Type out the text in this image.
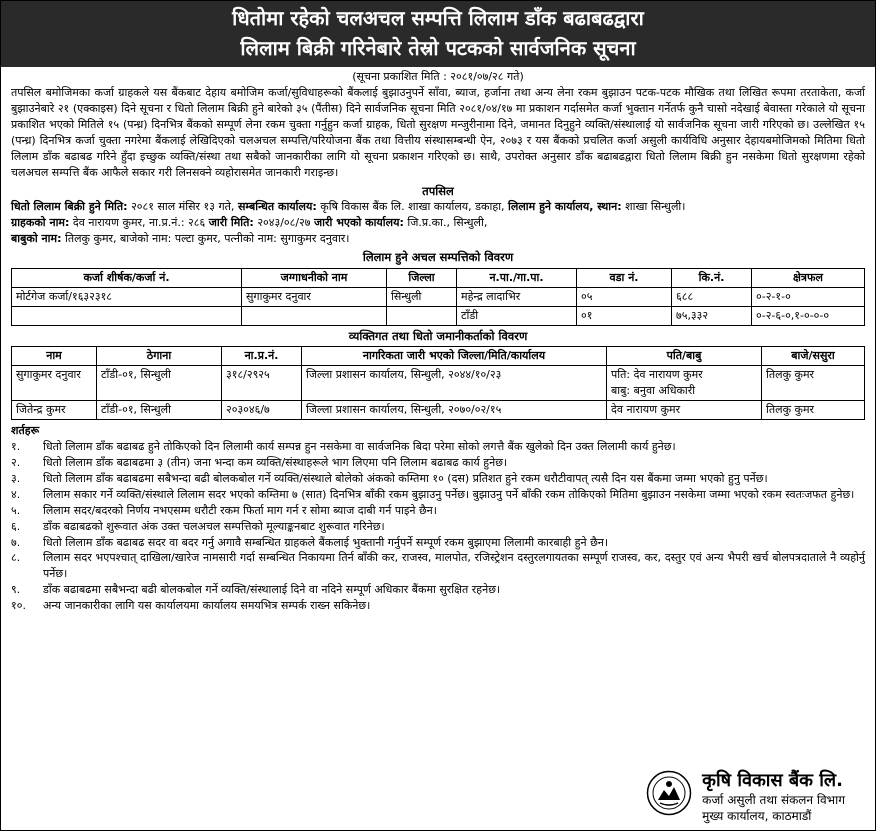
धितोमा रहेको चलअचल सम्पत्ति लिलाम डाँक बढाबढद्वारा
लिलाम बिक्री गरिनेबारे तेस्रो पटकको सार्वजनिक सूचना
(सूचना प्रकाशित मिति : २०८१/०७/२८ गते)

तपसिल बमोजिमका कर्जा ग्राहकले यस बैंकबाट देहाय बमोजिम कर्जा/सुविधाहरूको बैंकलाई बुझाउनुपर्ने साँवा, ब्याज, हर्जाना तथा अन्य लेना रकम बुझाउन पटक-पटक मौखिक तथा लिखित रूपमा तरताकेता, कर्जा बुझाउनेबारे २१ (एक्काइस) दिने सूचना र धितो लिलाम बिक्री हुने बारेको ३५ (पैंतीस) दिने सार्वजनिक सूचना मिति २०८१/०४/१७ मा प्रकाशन गर्दासमेत कर्जा भुक्तान गर्नेतर्फ कुनै चासो नदेखाई बेवास्ता गरेकाले यो सूचना प्रकाशित भएको मितिले १५ (पन्ध्र) दिनभित्र बैंकको सम्पूर्ण लेना रकम चुक्ता गर्नुहुन कर्जा ग्राहक, धितो सुरक्षण मन्जुरीनामा दिने, जमानत दिनुहुने व्यक्ति/संस्थालाई यो सार्वजनिक सूचना जारी गरिएको छ। उल्लेखित १५ (पन्ध्र) दिनभित्र कर्जा चुक्ता नगरेमा बैंकलाई लेखिदिएको चलअचल सम्पत्ति/परियोजना बैंक तथा वित्तीय संस्थासम्बन्धी ऐन, २०७३ र यस बैंकको प्रचलित कर्जा असुली कार्यविधि अनुसार देहायबमोजिमको मितिमा धितो लिलाम डाँक बढाबढ गरिने हुँदा इच्छुक व्यक्ति/संस्था तथा सबैको जानकारीका लागि यो सूचना प्रकाशन गरिएको छ। साथै, उपरोक्त अनुसार डाँक बढाबढद्वारा धितो लिलाम बिक्री हुन नसकेमा धितो सुरक्षणमा रहेको चलअचल सम्पत्ति बैंक आफैले सकार गरी लिनसक्ने व्यहोरासमेत जानकारी गराइन्छ।

तपसिल
धितो लिलाम बिक्री हुने मिति: २०८१ साल मंसिर १३ गते, सम्बन्धित कार्यालय: कृषि विकास बैंक लि. शाखा कार्यालय, डकाहा, लिलाम हुने कार्यालय, स्थान: शाखा सिन्धुली।
ग्राहकको नाम: देव नारायण कुमर, ना.प्र.नं.: २८६ जारी मिति: २०४३/०८/२७ जारी भएको कार्यालय: जि.प्र.का., सिन्धुली,
बाबुको नाम: तिलकु कुमर, बाजेको नाम: पल्टा कुमर, पत्नीको नाम: सुगाकुमर दनुवार।
लिलाम हुने अचल सम्पत्तिको विवरण
कर्जा शीर्षक/कर्जा नं.	जग्गाधनीको नाम	जिल्ला	न.पा./गा.पा.	वडा नं.	कि.नं.	क्षेत्रफल
मोर्टगेज कर्जा/१६३२३१८	सुगाकुमर दनुवार	सिन्धुली	महेन्द्र लादाभिर	०५	६८८	०-२-१-०
			टाँडी	०१	७५,३३२	०-२-६-०,१-०-०-०
व्यक्तिगत तथा धितो जमानीकर्ताको विवरण
नाम	ठेगाना	ना.प्र.नं.	नागरिकता जारी भएको जिल्ला/मिति/कार्यालय	पति/बाबु	बाजे/ससुरा
सुगाकुमर दनुवार	टाँडी-०१, सिन्धुली	३१८/२९२५	जिल्ला प्रशासन कार्यालय, सिन्धुली, २०४४/१०/२३	पति: देव नारायण कुमर
बाबु: बनुवा अधिकारी	तिलकु कुमर
जितेन्द्र कुमर	टाँडी-०१, सिन्धुली	२०३०४६/७	जिल्ला प्रशासन कार्यालय, सिन्धुली, २०७०/०२/१५	देव नारायण कुमर	तिलकु कुमर
शर्तहरू
१.	धितो लिलाम डाँक बढाबढ हुने तोकिएको दिन लिलामी कार्य सम्पन्न हुन नसकेमा वा सार्वजनिक बिदा परेमा सोको लगत्तै बैंक खुलेको दिन उक्त लिलामी कार्य हुनेछ।
२.	धितो लिलाम डाँक बढाबढमा ३ (तीन) जना भन्दा कम व्यक्ति/संस्थाहरूले भाग लिएमा पनि लिलाम बढाबढ कार्य हुनेछ।
३.	धितो लिलाम डाँक बढाबढमा सबैभन्दा बढी बोलकबोल गर्ने व्यक्ति/संस्थाले बोलेको अंकको कम्तिमा १० (दस) प्रतिशत हुने रकम धरौटीवापत् त्यसै दिन यस बैंकमा जम्मा भएको हुनु पर्नेछ।
४.	लिलाम सकार गर्ने व्यक्ति/संस्थाले लिलाम सदर भएको कम्तिमा ७ (सात) दिनभित्र बाँकी रकम बुझाउनु पर्नेछ। बुझाउनु पर्ने बाँकी रकम तोकिएको मितिमा बुझाउन नसकेमा जम्मा भएको रकम स्वतःजफत हुनेछ।
५.	लिलाम सदर/बदरको निर्णय नभएसम्म धरौटी रकम फिर्ता माग गर्न र सोमा ब्याज दाबी गर्न पाइने छैन।
६.	डाँक बढाबढको शुरूवात अंक उक्त चलअचल सम्पत्तिको मूल्याङ्कनबाट शुरूवात गरिनेछ।
७.	धितो लिलाम डाँक बढाबढ सदर वा बदर गर्नु अगावै सम्बन्धित ग्राहकले बैंकलाई भुक्तानी गर्नुपर्ने सम्पूर्ण रकम बुझाएमा लिलामी कारबाही हुने छैन।
८.	लिलाम सदर भएपश्चात् दाखिला/खारेज नामसारी गर्दा सम्बन्धित निकायमा तिर्न बाँकी कर, राजस्व, मालपोत, रजिस्ट्रेशन दस्तुरलगायतका सम्पूर्ण राजस्व, कर, दस्तुर एवं अन्य भैपरी खर्च बोलपत्रदाताले नै व्यहोर्नु पर्नेछ।
९.	डाँक बढाबढमा सबैभन्दा बढी बोलकबोल गर्ने व्यक्ति/संस्थालाई दिने वा नदिने सम्पूर्ण अधिकार बैंकमा सुरक्षित रहनेछ।
१०.	अन्य जानकारीका लागि यस कार्यालयमा कार्यालय समयभित्र सम्पर्क राख्न सकिनेछ।
कृषि विकास बैंक लि.
कर्जा असुली तथा संकलन विभाग
मुख्य कार्यालय, काठमाडौं
